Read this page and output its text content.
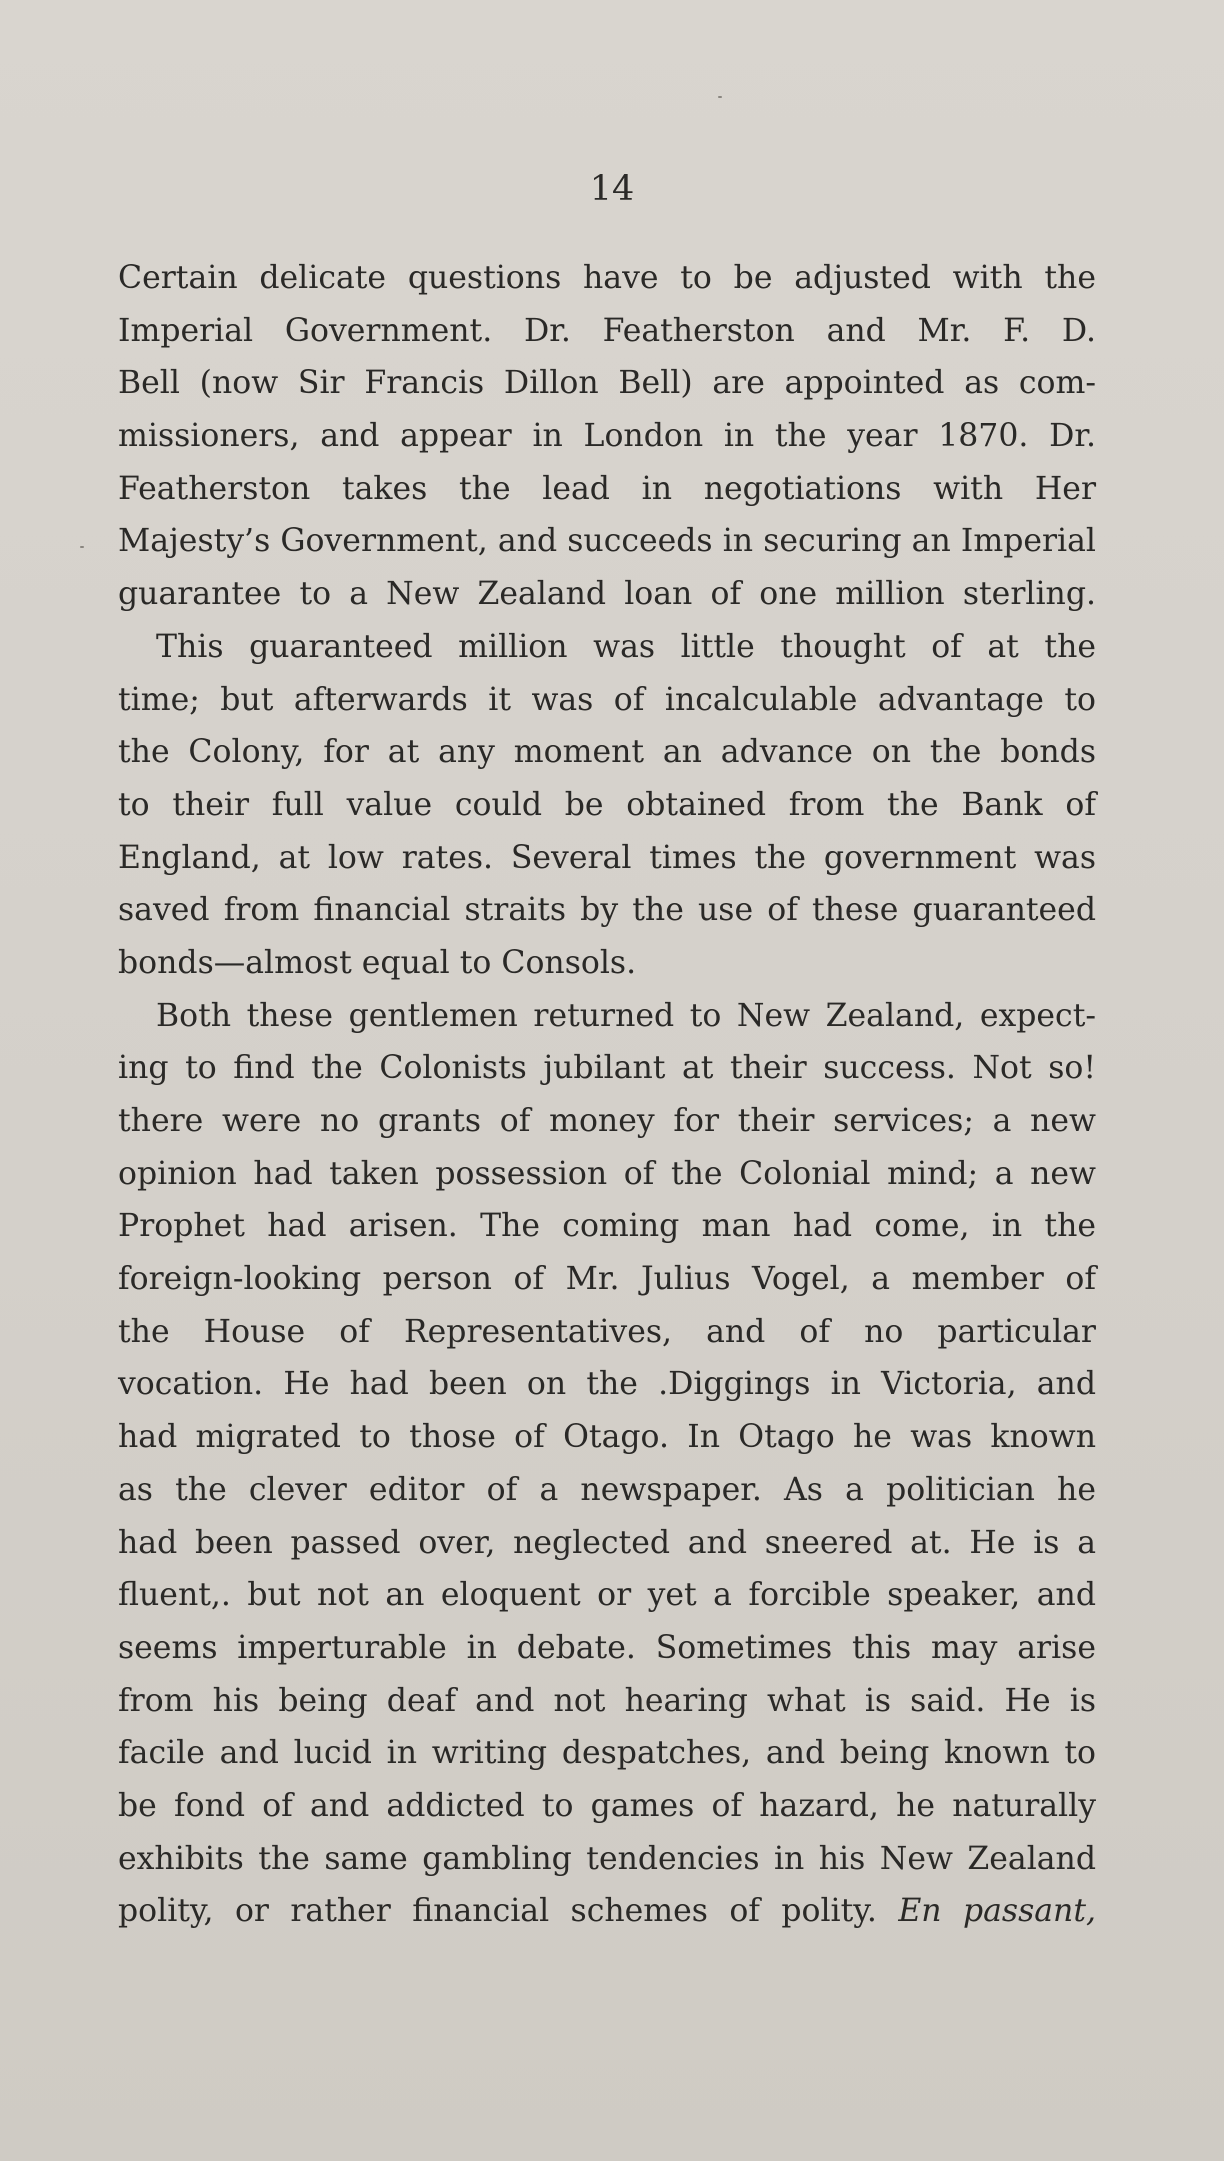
14
Certain delicate questions have to be adjusted with the
Imperial Government. Dr. Featherston and Mr. F. D.
Bell (now Sir Francis Dillon Bell) are appointed as com-
missioners, and appear in London in the year 1870. Dr.
Featherston takes the lead in negotiations with Her
Majesty’s Government, and succeeds in securing an Imperial
guarantee to a New Zealand loan of one million sterling.
This guaranteed million was little thought of at the
time; but afterwards it was of incalculable advantage to
the Colony, for at any moment an advance on the bonds
to their full value could be obtained from the Bank of
England, at low rates. Several times the government was
saved from financial straits by the use of these guaranteed
bonds—almost equal to Consols.
Both these gentlemen returned to New Zealand, expect-
ing to find the Colonists jubilant at their success. Not so!
there were no grants of money for their services; a new
opinion had taken possession of the Colonial mind; a new
Prophet had arisen. The coming man had come, in the
foreign-looking person of Mr. Julius Vogel, a member of
the House of Representatives, and of no particular
vocation. He had been on the .Diggings in Victoria, and
had migrated to those of Otago. In Otago he was known
as the clever editor of a newspaper. As a politician he
had been passed over, neglected and sneered at. He is a
fluent,. but not an eloquent or yet a forcible speaker, and
seems imperturable in debate. Sometimes this may arise
from his being deaf and not hearing what is said. He is
facile and lucid in writing despatches, and being known to
be fond of and addicted to games of hazard, he naturally
exhibits the same gambling tendencies in his New Zealand
polity, or rather financial schemes of polity. En passant,
